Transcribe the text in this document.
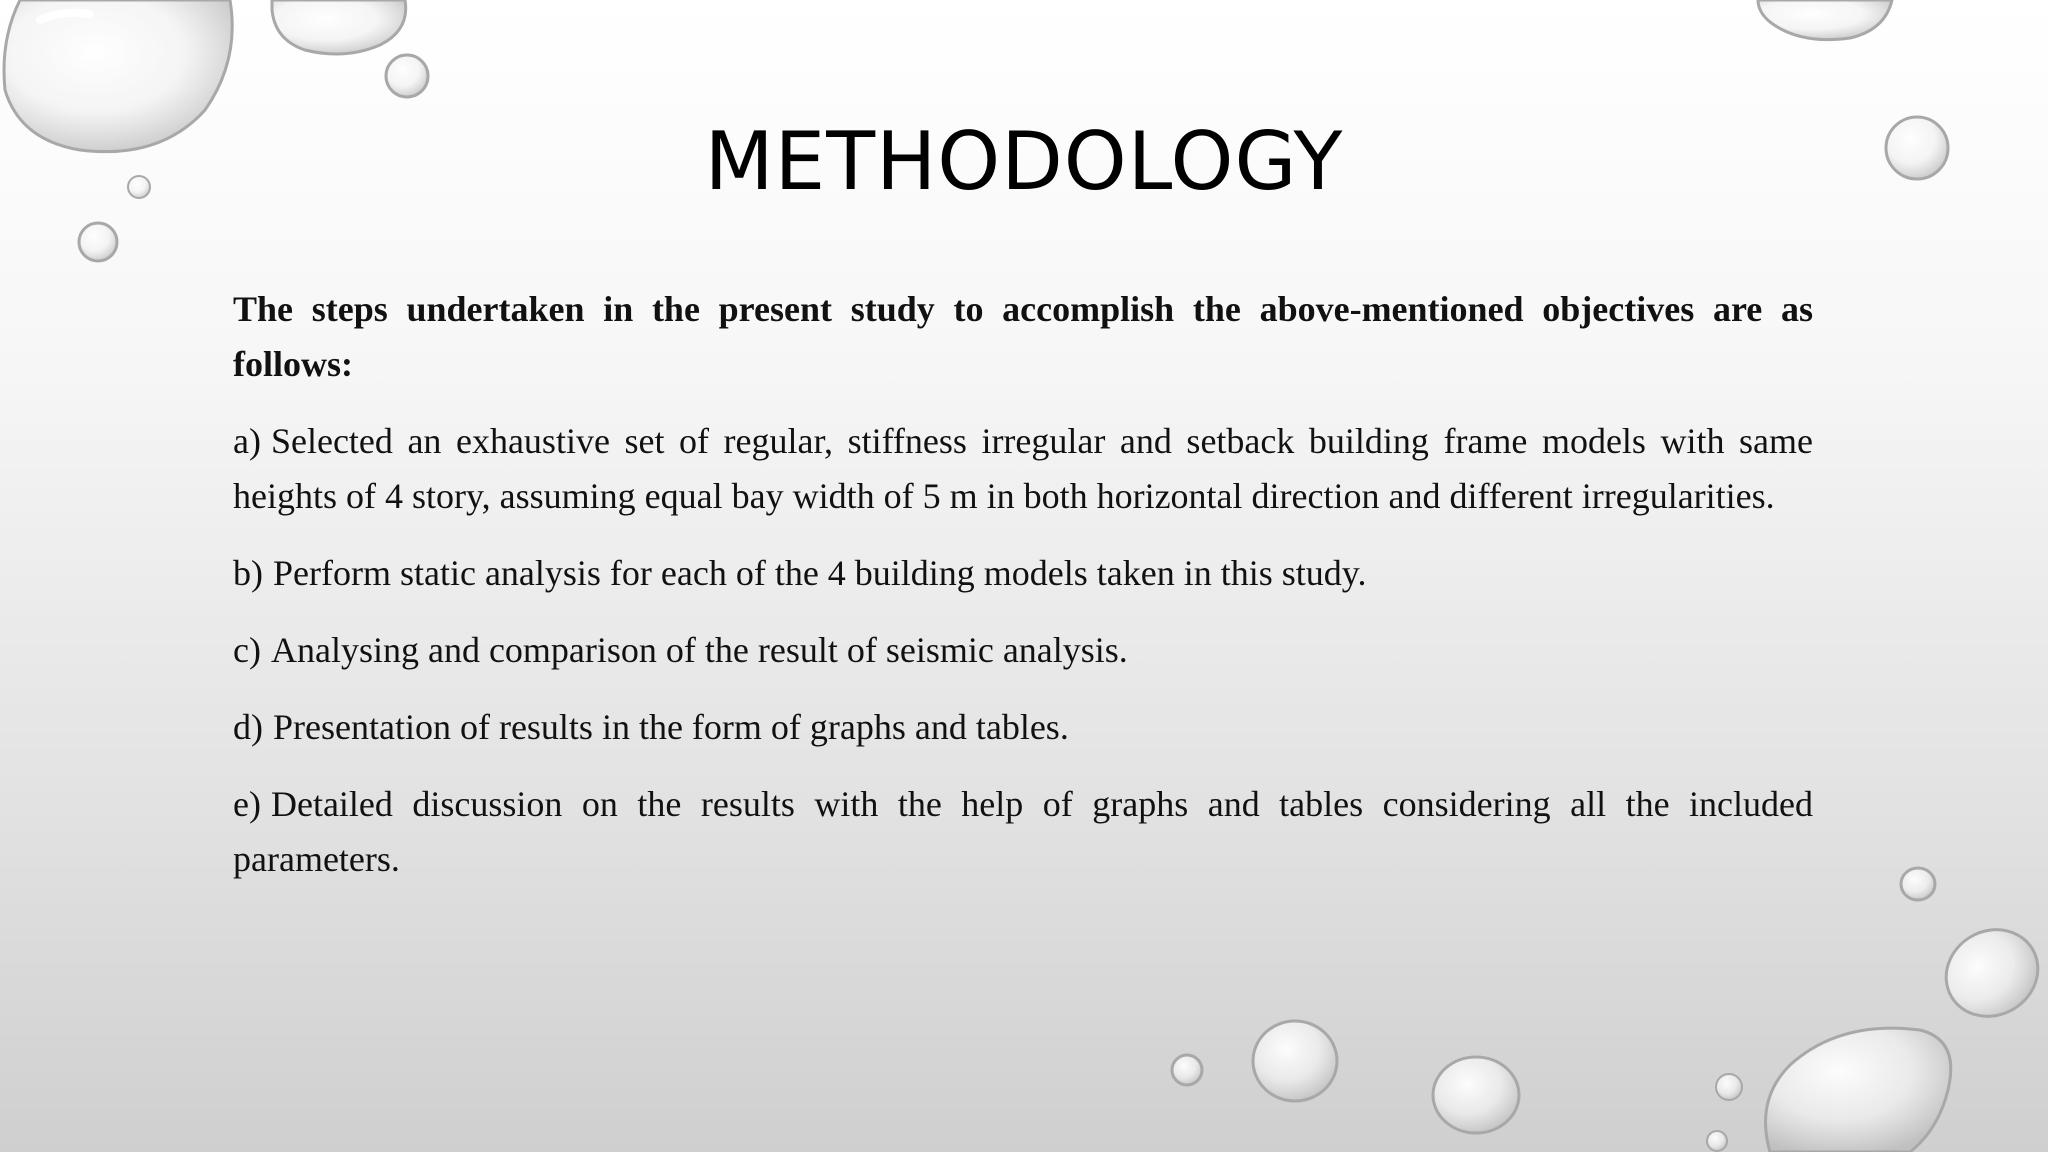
METHODOLOGY

The steps undertaken in the present study to accomplish the above-mentioned objectives are as follows:

a) Selected an exhaustive set of regular, stiffness irregular and setback building frame models with same heights of 4 story, assuming equal bay width of 5 m in both horizontal direction and different irregularities.

b) Perform static analysis for each of the 4 building models taken in this study.

c) Analysing and comparison of the result of seismic analysis.

d) Presentation of results in the form of graphs and tables.

e) Detailed discussion on the results with the help of graphs and tables considering all the included parameters.
